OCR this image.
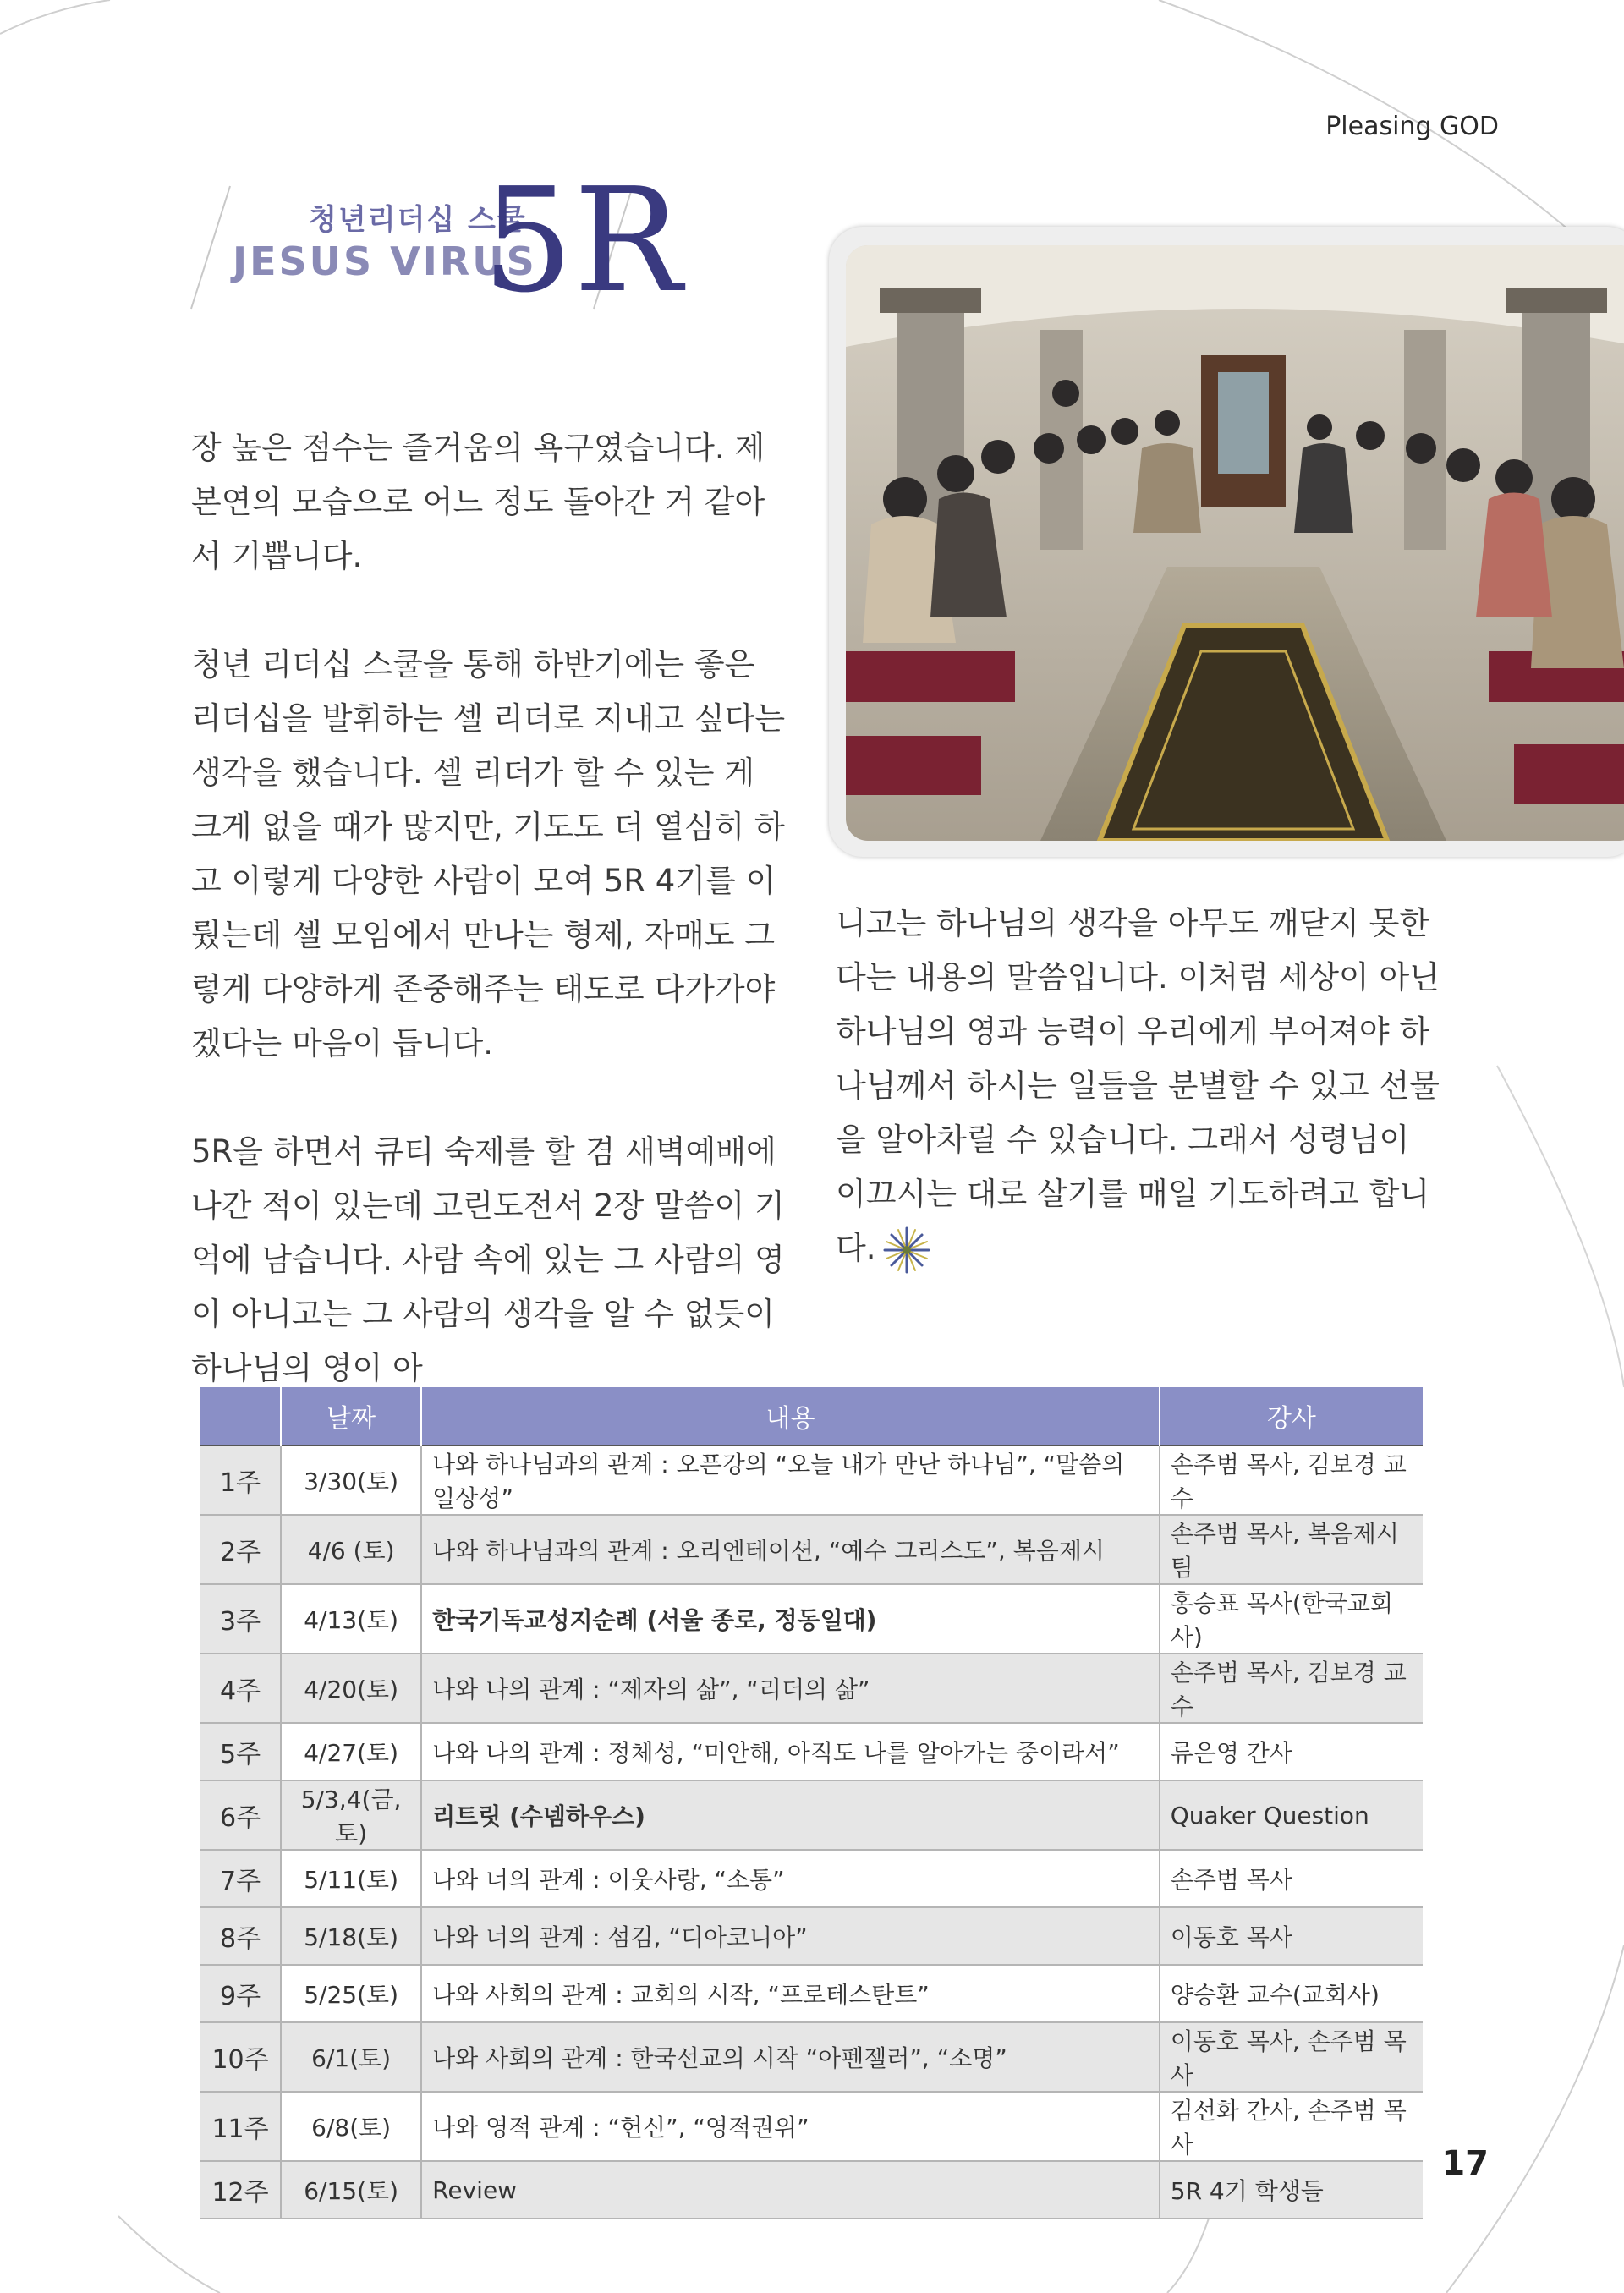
Pleasing GOD
청년리더십 스쿨
JESUS VIRUS
5R

장 높은 점수는 즐거움의 욕구였습니다. 제 본연의 모습으로 어느 정도 돌아간 거 같아서 기쁩니다.

청년 리더십 스쿨을 통해 하반기에는 좋은 리더십을 발휘하는 셀 리더로 지내고 싶다는 생각을 했습니다. 셀 리더가 할 수 있는 게 크게 없을 때가 많지만, 기도도 더 열심히 하고 이렇게 다양한 사람이 모여 5R 4기를 이뤘는데 셀 모임에서 만나는 형제, 자매도 그렇게 다양하게 존중해주는 태도로 다가가야겠다는 마음이 듭니다.

5R을 하면서 큐티 숙제를 할 겸 새벽예배에 나간 적이 있는데 고린도전서 2장 말씀이 기억에 남습니다. 사람 속에 있는 그 사람의 영이 아니고는 그 사람의 생각을 알 수 없듯이 하나님의 영이 아

니고는 하나님의 생각을 아무도 깨닫지 못한다는 내용의 말씀입니다. 이처럼 세상이 아닌 하나님의 영과 능력이 우리에게 부어져야 하나님께서 하시는 일들을 분별할 수 있고 선물을 알아차릴 수 있습니다. 그래서 성령님이 이끄시는 대로 살기를 매일 기도하려고 합니다.

	날짜	내용	강사
1주	3/30(토)	나와 하나님과의 관계 : 오픈강의 “오늘 내가 만난 하나님”, “말씀의 일상성”	손주범 목사, 김보경 교수
2주	4/6 (토)	나와 하나님과의 관계 : 오리엔테이션, “예수 그리스도”, 복음제시	손주범 목사, 복음제시팀
3주	4/13(토)	한국기독교성지순례 (서울 종로, 정동일대)	홍승표 목사(한국교회사)
4주	4/20(토)	나와 나의 관계 : “제자의 삶”, “리더의 삶”	손주범 목사, 김보경 교수
5주	4/27(토)	나와 나의 관계 : 정체성, “미안해, 아직도 나를 알아가는 중이라서”	류은영 간사
6주	5/3,4(금,토)	리트릿 (수넴하우스)	Quaker Question
7주	5/11(토)	나와 너의 관계 : 이웃사랑, “소통”	손주범 목사
8주	5/18(토)	나와 너의 관계 : 섬김, “디아코니아”	이동호 목사
9주	5/25(토)	나와 사회의 관계 : 교회의 시작, “프로테스탄트”	양승환 교수(교회사)
10주	6/1(토)	나와 사회의 관계 : 한국선교의 시작 “아펜젤러”, “소명”	이동호 목사, 손주범 목사
11주	6/8(토)	나와 영적 관계 : “헌신”, “영적권위”	김선화 간사, 손주범 목사
12주	6/15(토)	Review	5R 4기 학생들
17
